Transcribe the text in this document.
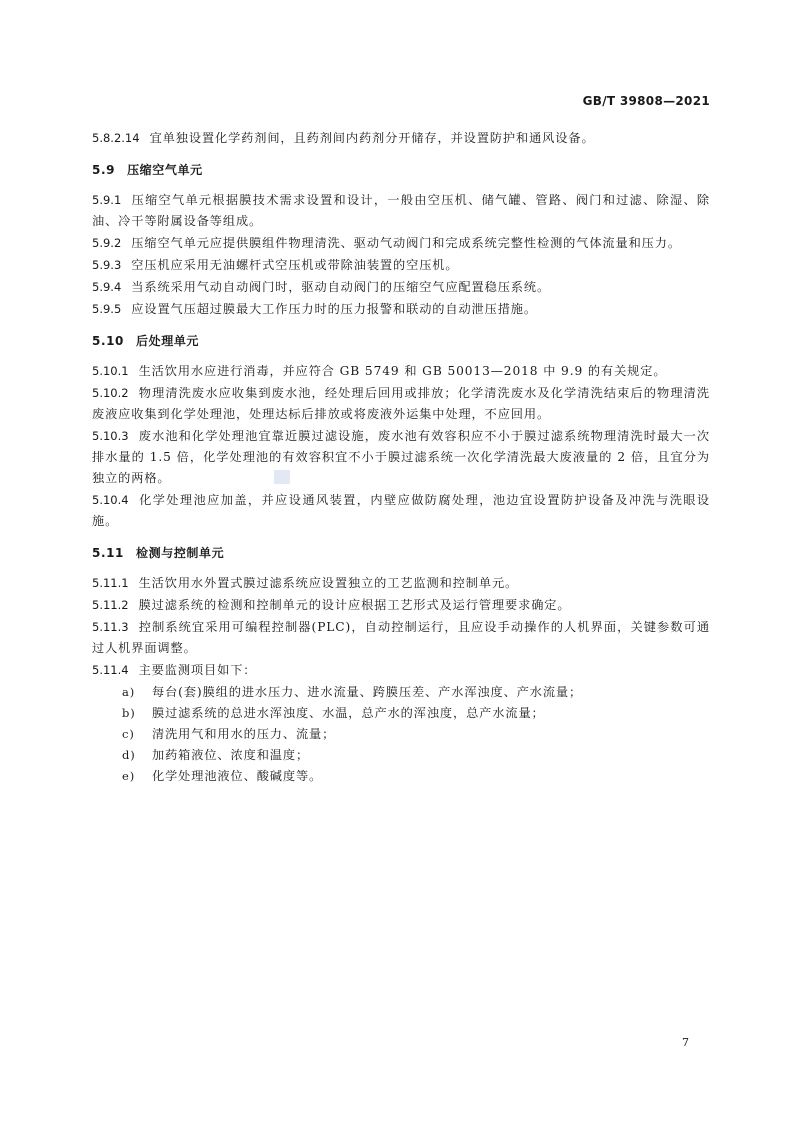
GB/T 39808—2021

5.8.2.14 宜单独设置化学药剂间，且药剂间内药剂分开储存，并设置防护和通风设备。

5.9 压缩空气单元

5.9.1 压缩空气单元根据膜技术需求设置和设计，一般由空压机、储气罐、管路、阀门和过滤、除湿、除油、冷干等附属设备等组成。

5.9.2 压缩空气单元应提供膜组件物理清洗、驱动气动阀门和完成系统完整性检测的气体流量和压力。

5.9.3 空压机应采用无油螺杆式空压机或带除油装置的空压机。

5.9.4 当系统采用气动自动阀门时，驱动自动阀门的压缩空气应配置稳压系统。

5.9.5 应设置气压超过膜最大工作压力时的压力报警和联动的自动泄压措施。

5.10 后处理单元

5.10.1 生活饮用水应进行消毒，并应符合 GB 5749 和 GB 50013—2018 中 9.9 的有关规定。

5.10.2 物理清洗废水应收集到废水池，经处理后回用或排放；化学清洗废水及化学清洗结束后的物理清洗废液应收集到化学处理池，处理达标后排放或将废液外运集中处理，不应回用。

5.10.3 废水池和化学处理池宜靠近膜过滤设施，废水池有效容积应不小于膜过滤系统物理清洗时最大一次排水量的 1.5 倍，化学处理池的有效容积宜不小于膜过滤系统一次化学清洗最大废液量的 2 倍，且宜分为独立的两格。

5.10.4 化学处理池应加盖，并应设通风装置，内壁应做防腐处理，池边宜设置防护设备及冲洗与洗眼设施。

5.11 检测与控制单元

5.11.1 生活饮用水外置式膜过滤系统应设置独立的工艺监测和控制单元。

5.11.2 膜过滤系统的检测和控制单元的设计应根据工艺形式及运行管理要求确定。

5.11.3 控制系统宜采用可编程控制器(PLC)，自动控制运行，且应设手动操作的人机界面，关键参数可通过人机界面调整。

5.11.4 主要监测项目如下：

a) 每台(套)膜组的进水压力、进水流量、跨膜压差、产水浑浊度、产水流量；
b) 膜过滤系统的总进水浑浊度、水温，总产水的浑浊度，总产水流量；
c) 清洗用气和用水的压力、流量；
d) 加药箱液位、浓度和温度；
e) 化学处理池液位、酸碱度等。
7
